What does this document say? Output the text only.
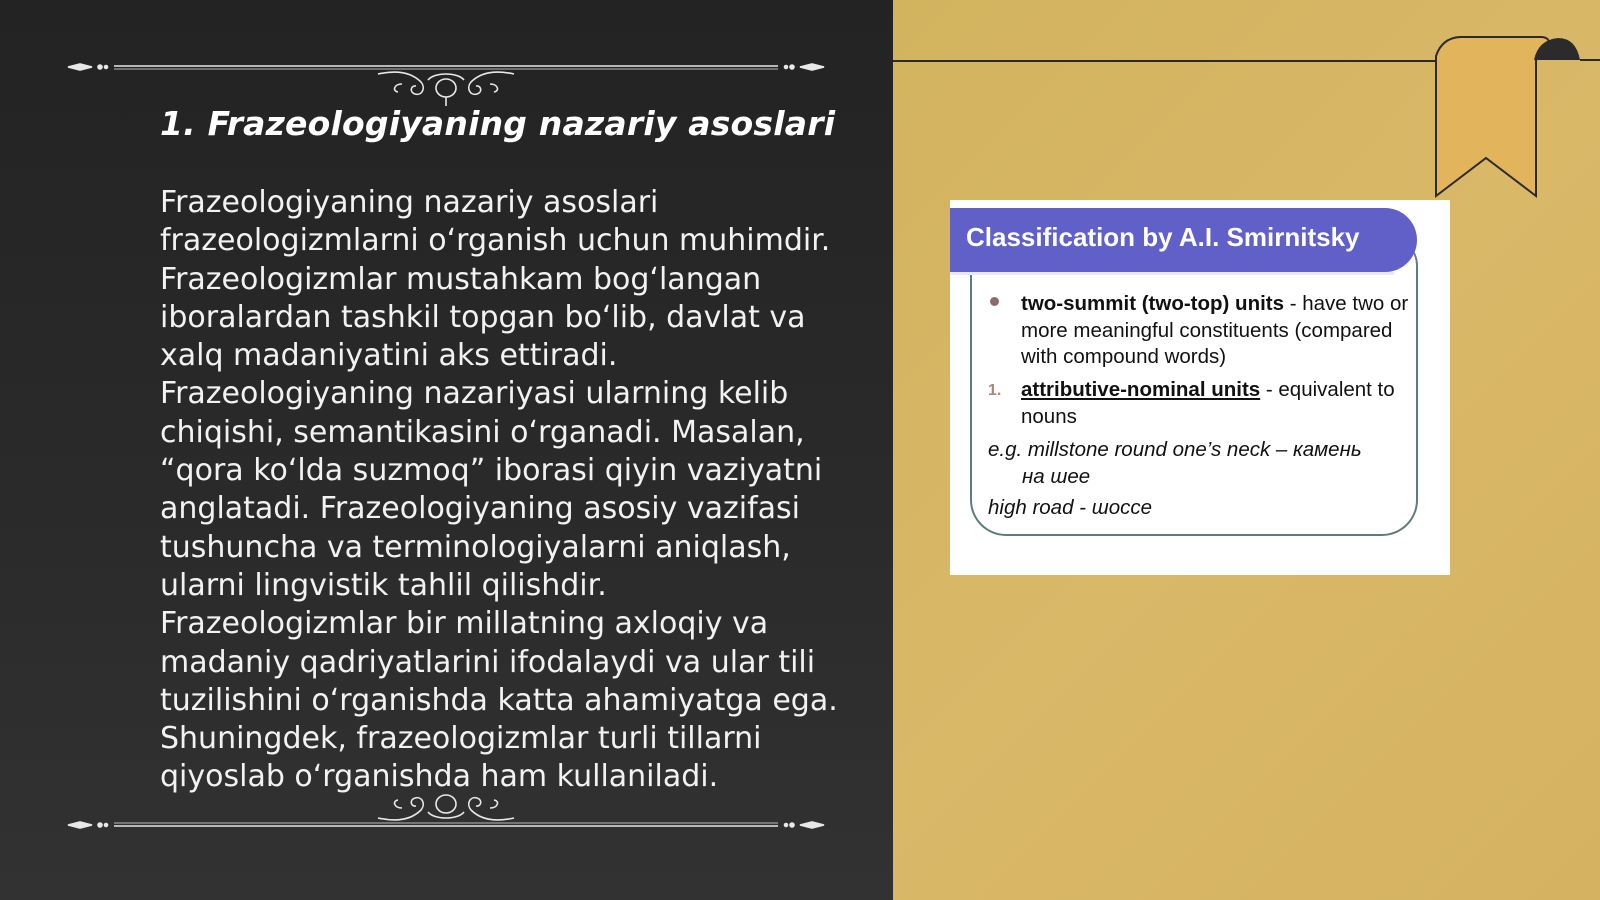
1. Frazeologiyaning nazariy asoslari

Frazeologiyaning nazariy asoslari frazeologizmlarni o‘rganish uchun muhimdir. Frazeologizmlar mustahkam bog‘langan iboralardan tashkil topgan bo‘lib, davlat va xalq madaniyatini aks ettiradi. Frazeologiyaning nazariyasi ularning kelib chiqishi, semantikasini o‘rganadi. Masalan, “qora ko‘lda suzmoq” iborasi qiyin vaziyatni anglatadi. Frazeologiyaning asosiy vazifasi tushuncha va terminologiyalarni aniqlash, ularni lingvistik tahlil qilishdir. Frazeologizmlar bir millatning axloqiy va madaniy qadriyatlarini ifodalaydi va ular tili tuzilishini o‘rganishda katta ahamiyatga ega. Shuningdek, frazeologizmlar turli tillarni qiyoslab o‘rganishda ham kullaniladi.

Classification by A.I. Smirnitsky
two-summit (two-top) units - have two or more meaningful constituents (compared with compound words)
1. attributive-nominal units - equivalent to nouns
e.g. millstone round one’s neck – камень
на шее
high road - шоссе
